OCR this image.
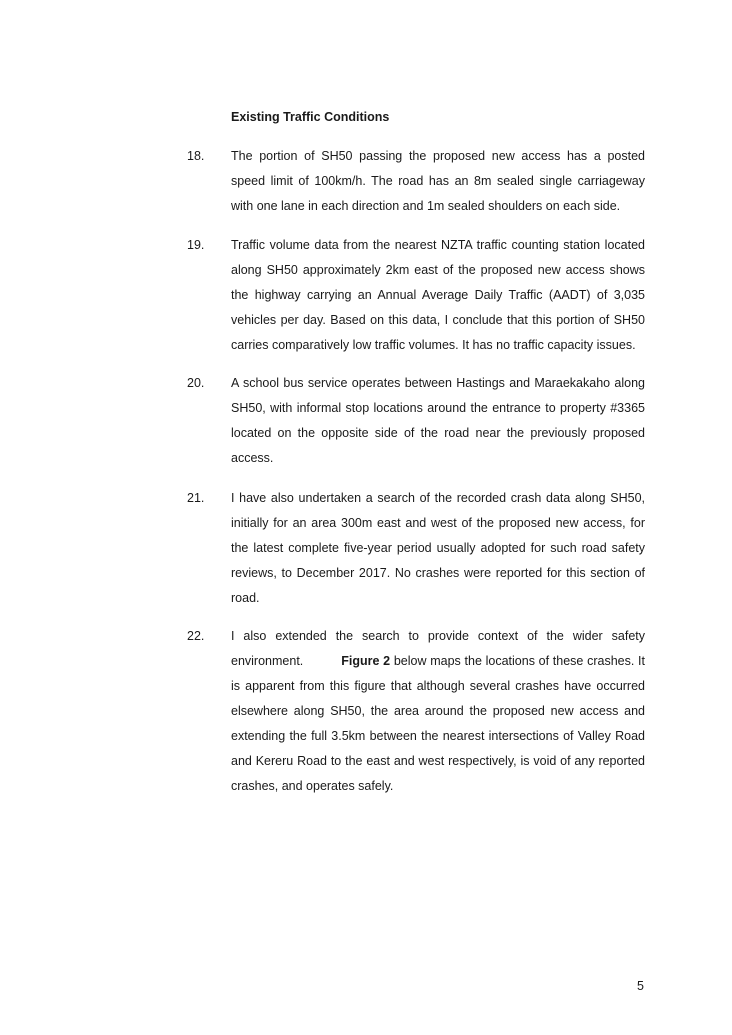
Existing Traffic Conditions
18.	The portion of SH50 passing the proposed new access has a posted speed limit of 100km/h. The road has an 8m sealed single carriageway with one lane in each direction and 1m sealed shoulders on each side.
19.	Traffic volume data from the nearest NZTA traffic counting station located along SH50 approximately 2km east of the proposed new access shows the highway carrying an Annual Average Daily Traffic (AADT) of 3,035 vehicles per day. Based on this data, I conclude that this portion of SH50 carries comparatively low traffic volumes. It has no traffic capacity issues.
20.	A school bus service operates between Hastings and Maraekakaho along SH50, with informal stop locations around the entrance to property #3365 located on the opposite side of the road near the previously proposed access.
21.	I have also undertaken a search of the recorded crash data along SH50, initially for an area 300m east and west of the proposed new access, for the latest complete five-year period usually adopted for such road safety reviews, to December 2017. No crashes were reported for this section of road.
22.	I also extended the search to provide context of the wider safety environment.	Figure 2 below maps the locations of these crashes. It is apparent from this figure that although several crashes have occurred elsewhere along SH50, the area around the proposed new access and extending the full 3.5km between the nearest intersections of Valley Road and Kereru Road to the east and west respectively, is void of any reported crashes, and operates safely.
5
